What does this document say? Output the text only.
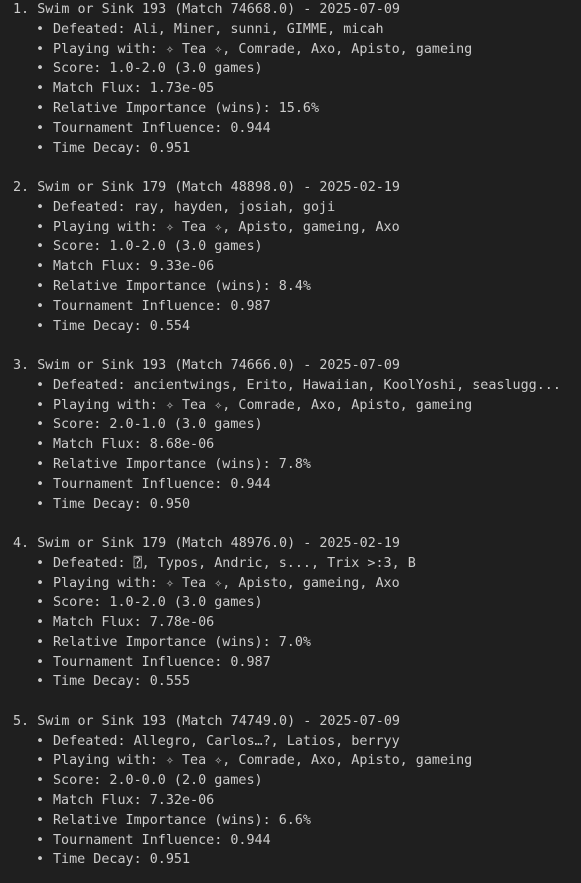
1. Swim or Sink 193 (Match 74668.0) - 2025-07-09
• Defeated: Ali, Miner, sunni, GIMME, micah
• Playing with: ✧ Tea ✧, Comrade, Axo, Apisto, gameing
• Score: 1.0-2.0 (3.0 games)
• Match Flux: 1.73e-05
• Relative Importance (wins): 15.6%
• Tournament Influence: 0.944
• Time Decay: 0.951
2. Swim or Sink 179 (Match 48898.0) - 2025-02-19
• Defeated: ray, hayden, josiah, goji
• Playing with: ✧ Tea ✧, Apisto, gameing, Axo
• Score: 1.0-2.0 (3.0 games)
• Match Flux: 9.33e-06
• Relative Importance (wins): 8.4%
• Tournament Influence: 0.987
• Time Decay: 0.554
3. Swim or Sink 193 (Match 74666.0) - 2025-07-09
• Defeated: ancientwings, Erito, Hawaiian, KoolYoshi, seaslugg...
• Playing with: ✧ Tea ✧, Comrade, Axo, Apisto, gameing
• Score: 2.0-1.0 (3.0 games)
• Match Flux: 8.68e-06
• Relative Importance (wins): 7.8%
• Tournament Influence: 0.944
• Time Decay: 0.950
4. Swim or Sink 179 (Match 48976.0) - 2025-02-19
• Defeated: ⍰, Typos, Andric, s..., Trix >:3, B
• Playing with: ✧ Tea ✧, Apisto, gameing, Axo
• Score: 1.0-2.0 (3.0 games)
• Match Flux: 7.78e-06
• Relative Importance (wins): 7.0%
• Tournament Influence: 0.987
• Time Decay: 0.555
5. Swim or Sink 193 (Match 74749.0) - 2025-07-09
• Defeated: Allegro, Carlos…?, Latios, berryy
• Playing with: ✧ Tea ✧, Comrade, Axo, Apisto, gameing
• Score: 2.0-0.0 (2.0 games)
• Match Flux: 7.32e-06
• Relative Importance (wins): 6.6%
• Tournament Influence: 0.944
• Time Decay: 0.951
